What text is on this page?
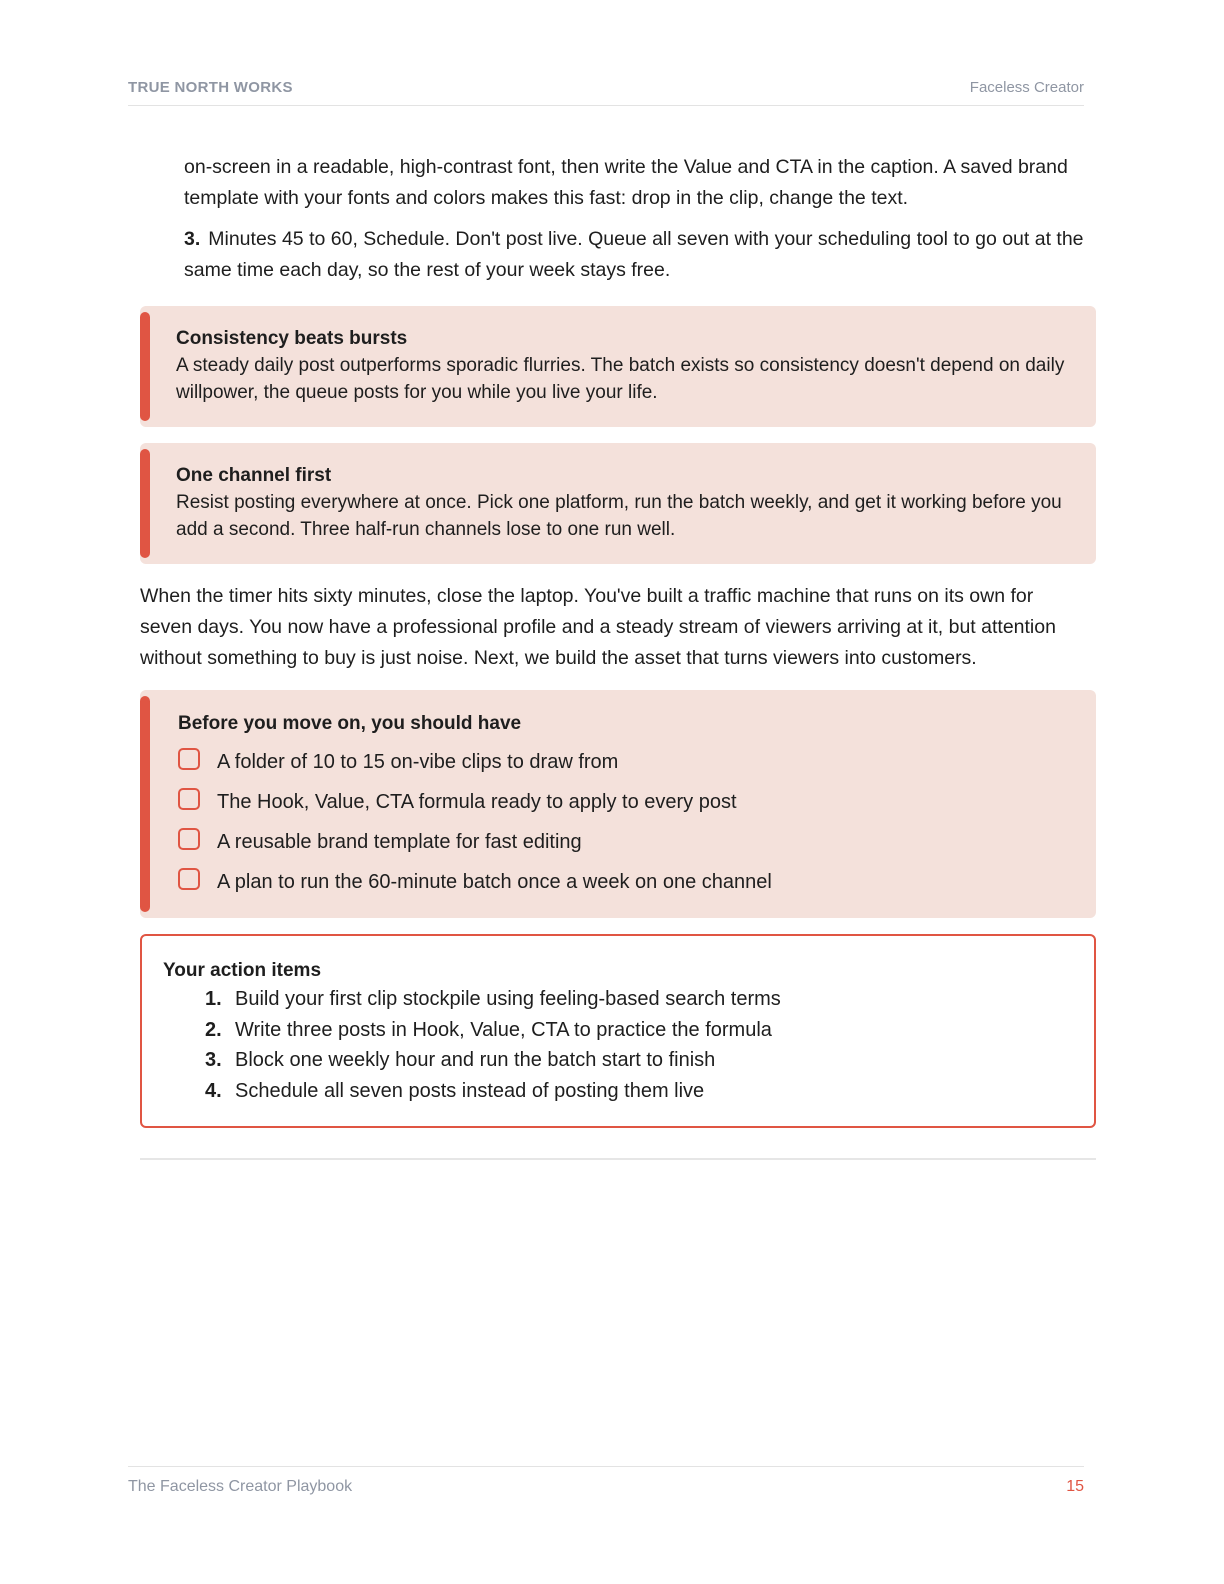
TRUE NORTH WORKS	Faceless Creator

on-screen in a readable, high-contrast font, then write the Value and CTA in the caption. A saved brand template with your fonts and colors makes this fast: drop in the clip, change the text.

3. Minutes 45 to 60, Schedule. Don't post live. Queue all seven with your scheduling tool to go out at the same time each day, so the rest of your week stays free.

Consistency beats bursts
A steady daily post outperforms sporadic flurries. The batch exists so consistency doesn't depend on daily willpower, the queue posts for you while you live your life.
One channel first
Resist posting everywhere at once. Pick one platform, run the batch weekly, and get it working before you add a second. Three half-run channels lose to one run well.

When the timer hits sixty minutes, close the laptop. You've built a traffic machine that runs on its own for seven days. You now have a professional profile and a steady stream of viewers arriving at it, but attention without something to buy is just noise. Next, we build the asset that turns viewers into customers.

Before you move on, you should have
A folder of 10 to 15 on-vibe clips to draw from
The Hook, Value, CTA formula ready to apply to every post
A reusable brand template for fast editing
A plan to run the 60-minute batch once a week on one channel
Your action items
1. Build your first clip stockpile using feeling-based search terms
2. Write three posts in Hook, Value, CTA to practice the formula
3. Block one weekly hour and run the batch start to finish
4. Schedule all seven posts instead of posting them live
The Faceless Creator Playbook	15
